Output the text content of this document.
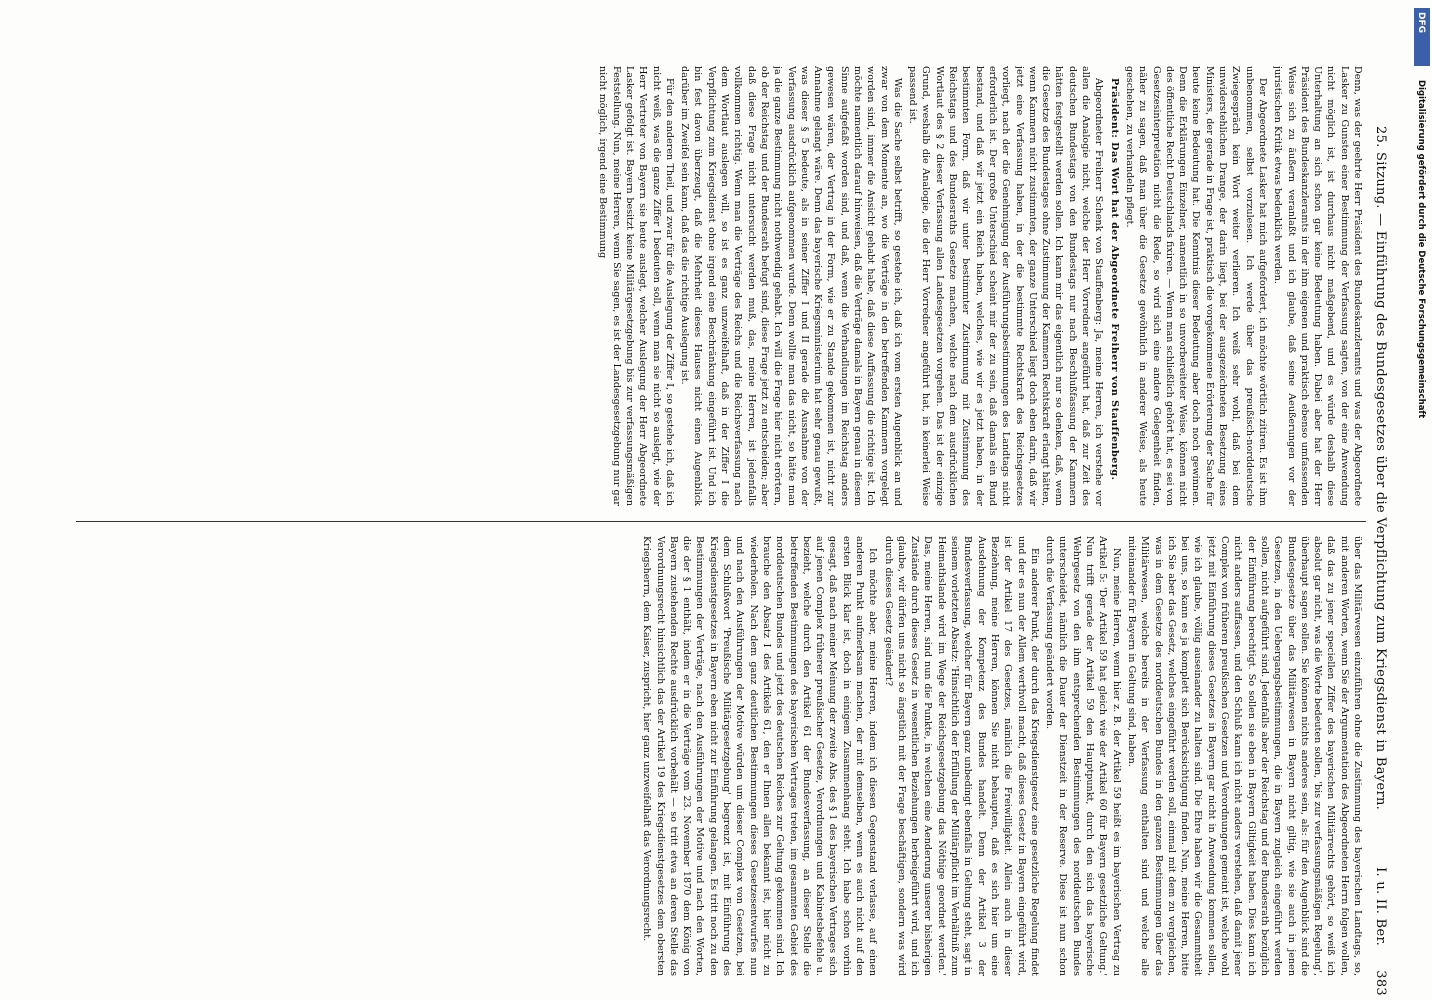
25. Sitzung. — Einführung des Bundesgesetzes über die Verpflichtung zum Kriegsdienst in Bayern.
I. u. II. Ber.
383

Denn, was der geehrte Herr Präsident des Bundeskanzleramts und was der Abgeordnete Lasker zu Gunsten einer Bestimmung der Verfassung sagten, von der eine Anwendung nicht möglich ist, ist durchaus nicht maßgebend, und es würde deshalb diese Unterhaltung an sich schon gar keine Bedeutung haben. Dabei aber hat der Herr Präsident des Bundeskanzleramts in der ihm eigenen und praktisch ebenso umfassenden Weise sich zu äußern veranlaßt und ich glaube, daß seine Aeußerungen vor der juristischen Kritik etwas bedenklich werden.

Der Abgeordnete Lasker hat mich aufgefordert, ich möchte wörtlich zitiren. Es ist ihm unbenommen, selbst vorzulesen. Ich werde über das preußisch-norddeutsche Zwiegespräch kein Wort weiter verlieren. Ich weiß sehr wohl, daß bei dem unwiderstehlichen Drange, der darin liegt, bei der ausgezeichneten Besetzung eines Ministers, der gerade in Frage ist, praktisch die vorgekommene Erörterung der Sache für heute keine Bedeutung hat. Die Kenntnis dieser Bedeutung aber doch noch gewinnen. Denn die Erklärungen Einzelner, namentlich in so unvorbereiteter Weise, können nicht des öffentliche Recht Deutschlands fixiren. — Wenn man schließlich gehört hat, es sei von Gesetzesinterpretation nicht die Rede, so wird sich eine andere Gelegenheit finden, näher zu sagen, daß man über die Gesetze gewöhnlich in anderer Weise, als heute geschehen, zu verhandeln pflegt.

Präsident: Das Wort hat der Abgeordnete Freiherr von Stauffenberg.

Abgeordneter Freiherr Schenk von Stauffenberg: Ja, meine Herren, ich verstehe vor allen die Analogie nicht, welche der Herr Vorredner angeführt hat, daß zur Zeit des deutschen Bundestags von den Bundestags nur nach Beschlußfassung der Kammern hätten festgestellt werden sollen. Ich kann mir das eigentlich nur so denken, daß, wenn die Gesetze des Bundestages ohne Zustimmung der Kammern Rechtskraft erlangt hätten, wenn Kammern nicht zustimmten, der ganze Unterschied liegt doch eben darin, daß wir jetzt eine Verfassung haben, in der die bestimmte Rechtskraft des Reichsgesetzes vorliegt, nach der die Genehmigung der Ausführungsbestimmungen des Landtags nicht erforderlich ist. Der große Unterschied scheint mir der zu sein, daß damals ein Bund bestand, und daß wir jetzt ein Reich haben, welches, wie wir es jetzt haben, in der bestimmten Form, daß wir unter bestimmter Zustimmung mit Zustimmung des Reichstags und des Bundesraths Gesetze machen, welche nach dem ausdrücklichen Wortlaut des § 2 dieser Verfassung allen Landesgesetzen vorgehen. Das ist der einzige Grund, weshalb die Analogie, die der Herr Vorredner angeführt hat, in keinerlei Weise passend ist.

Was die Sache selbst betrifft, so gestehe ich, daß ich vom ersten Augenblick an und zwar von dem Momente an, wo die Verträge in den betreffenden Kammern vorgelegt worden sind, immer die Ansicht gehabt habe, daß diese Auffassung die richtige ist. Ich möchte namentlich darauf hinweisen, daß die Verträge damals in Bayern genau in diesem Sinne aufgefaßt worden sind, und daß, wenn die Verhandlungen im Reichstag anders gewesen wären, der Vertrag in der Form, wie er zu Stande gekommen ist, nicht zur Annahme gelangt wäre. Denn das bayerische Kriegsministerium hat sehr genau gewußt, was dieser § 5 bedeute, als in seiner Ziffer I und II gerade die Ausnahme von der Verfassung ausdrücklich aufgenommen wurde. Denn wollte man das nicht, so hätte man ja die ganze Bestimmung nicht nothwendig gehabt. Ich will die Frage hier nicht erörtern, ob der Reichstag und der Bundesrath befugt sind, diese Frage jetzt zu entscheiden; aber daß diese Frage nicht untersucht werden muß, das, meine Herren, ist jedenfalls vollkommen richtig. Wenn man die Verträge des Reichs und die Reichsverfassung nach dem Wortlaut auslegen will, so ist es ganz unzweifelhaft, daß in der Ziffer I die Verpflichtung zum Kriegsdienst ohne irgend eine Beschränkung eingeführt ist. Und ich bin fest davon überzeugt, daß die Mehrheit dieses Hauses nicht einen Augenblick darüber im Zweifel sein kann, daß das die richtige Auslegung ist.

Für den anderen Theil, und zwar für die Auslegung der Ziffer I, so gestehe ich, daß ich nicht weiß, was die ganze Ziffer I bedeuten soll, wenn man sie nicht so auslegt, wie der Herr Vertreter von Bayern sie heute auslegt, welcher Auslegung der Herr Abgeordnete Lasker gefolgt ist. Bayern besitzt keine Militärgesetzgebung bis zur verfassungsmäßigen Feststellung. Nun, meine Herren, wenn Sie sagen, es ist der Landesgesetzgebung nur gar nicht möglich, irgend eine Bestimmung

über das Militärwesen einzuführen ohne die Zustimmung des bayerischen Landtags, so, mit anderen Worten, wenn Sie der Argumentation des Abgeordneten Herrn folgen wollen, daß das zu jener speciellen Ziffer des bayerischen Militärrechts gehört, so weiß ich absolut gar nicht, was die Worte bedeuten sollen, 'bis zur verfassungsmäßigen Regelung', überhaupt sagen sollen. Sie können nichts anderes sein, als: für den Augenblick sind die Bundesgesetze über das Militärwesen in Bayern nicht giltig, wie sie auch in jenen Gesetzen, in den Uebergangsbestimmungen, die in Bayern zugleich eingeführt werden sollen, nicht aufgeführt sind. Jedenfalls aber der Reichstag und der Bundesrath bezüglich der Einführung berechtigt. So sollen sie eben in Bayern Giltigkeit haben. Dies kann ich nicht anders auffassen, und den Schluß kann ich nicht anders verstehen, daß damit jener Complex von früheren preußischen Gesetzen und Verordnungen gemeint ist, welche wohl jetzt mit Einführung dieses Gesetzes in Bayern gar nicht in Anwendung kommen sollen, wie ich glaube, völlig auseinander zu halten sind. Die Ehre haben wir die Gesammtheit bei uns, so kann es ja komplett sich Berücksichtigung finden. Nun, meine Herren, bitte ich Sie aber das Gesetz, welches eingeführt werden soll, einmal mit dem zu vergleichen, was in dem Gesetze des norddeutschen Bundes in den ganzen Bestimmungen über das Militärwesen, welche bereits in der Verfassung enthalten sind und welche alle miteinander für Bayern in Geltung sind, haben.

Nun, meine Herren, wenn hier z. B. der Artikel 59 heißt es im bayerischen Vertrag zu Artikel 5: 'Der Artikel 59 hat gleich wie der Artikel 60 für Bayern gesetzliche Geltung.' Nun trifft gerade der Artikel 59 den Hauptpunkt, durch den sich das bayerische Wehrgesetz von den ihm entsprechenden Bestimmungen des norddeutschen Bundes unterscheidet, nämlich die Dauer der Dienstzeit in der Reserve. Diese ist nun schon durch die Verfassung geändert worden.

Ein anderer Punkt, der durch das Kriegsdienstgesetz eine gesetzliche Regelung findet und der es nun der Allem werthvoll macht, daß dieses Gesetz in Bayern eingeführt wird, ist der Artikel 17 des Gesetzes, nämlich die Freiwilligkeit. Allein auch in dieser Beziehung, meine Herren, können Sie nicht behaupten, daß es sich hier um eine Ausdehnung der Kompetenz des Bundes handelt. Denn der Artikel 3 der Bundesverfassung, welcher für Bayern ganz unbedingt ebenfalls in Geltung steht, sagt in seinem vorletzten Absatz: 'Hinsichtlich der Erfüllung der Militärpflicht im Verhältniß zum Heimathslande wird im Wege der Reichsgesetzgebung das Nöthige geordnet werden.' Das, meine Herren, sind nun die Punkte, in welchen eine Aenderung unserer bisherigen Zustände durch dieses Gesetz in wesentlichen Beziehungen herbeigeführt wird, und ich glaube, wir dürfen uns nicht so ängstlich mit der Frage beschäftigen, sondern was wird durch dieses Gesetz geändert?

Ich möchte aber, meine Herren, indem ich diesen Gegenstand verlasse, auf einen anderen Punkt aufmerksam machen, der mit demselben, wenn es auch nicht auf den ersten Blick klar ist, doch in einigem Zusammenhang steht. Ich habe schon vorhin gesagt, daß nach meiner Meinung der zweite Abs. des § 1 des bayerischen Vertrages sich auf jenen Complex früherer preußischer Gesetze, Verordnungen und Kabinetsbefehle u. bezieht, welche durch den Artikel 61 der Bundesverfassung, an dieser Stelle die betreffenden Bestimmungen des bayerischen Vertrages treten, im gesammten Gebiet des norddeutschen Bundes und jetzt des deutschen Reiches zur Geltung gekommen sind. Ich brauche den Absatz I des Artikels 61, den er Ihnen allen bekannt ist, hier nicht zu wiederholen. Nach dem ganz deutlichen Bestimmungen dieses Gesetzesentwurfes nun und nach den Ausführungen der Motive würden um dieser Complex von Gesetzen, bei dem Schlußwort 'Preußische Militärgesetzgebung' begrenzt ist, mit Einführung des Kriegsdienstgesetzes in Bayern eben nicht zur Einführung gelangen. Es tritt noch zu den Bestimmungen der Verträge, nach den Ausführungen der Motive und nach den Worten, die der § 1 enthält, indem er in die Verträge vom 23. November 1870 dem König von Bayern zustehenden Rechte ausdrücklich vorbehält — so tritt etwa an deren Stelle das Verordnungsrecht hinsichtlich das der Artikel 19 des Kriegsdienstgesetzes dem obersten Kriegsherrn, dem Kaiser, zuspricht, hier ganz unzweifelhaft das Verordnungsrecht.

DFG
Digitalisierung gefördert durch die Deutsche Forschungsgemeinschaft
